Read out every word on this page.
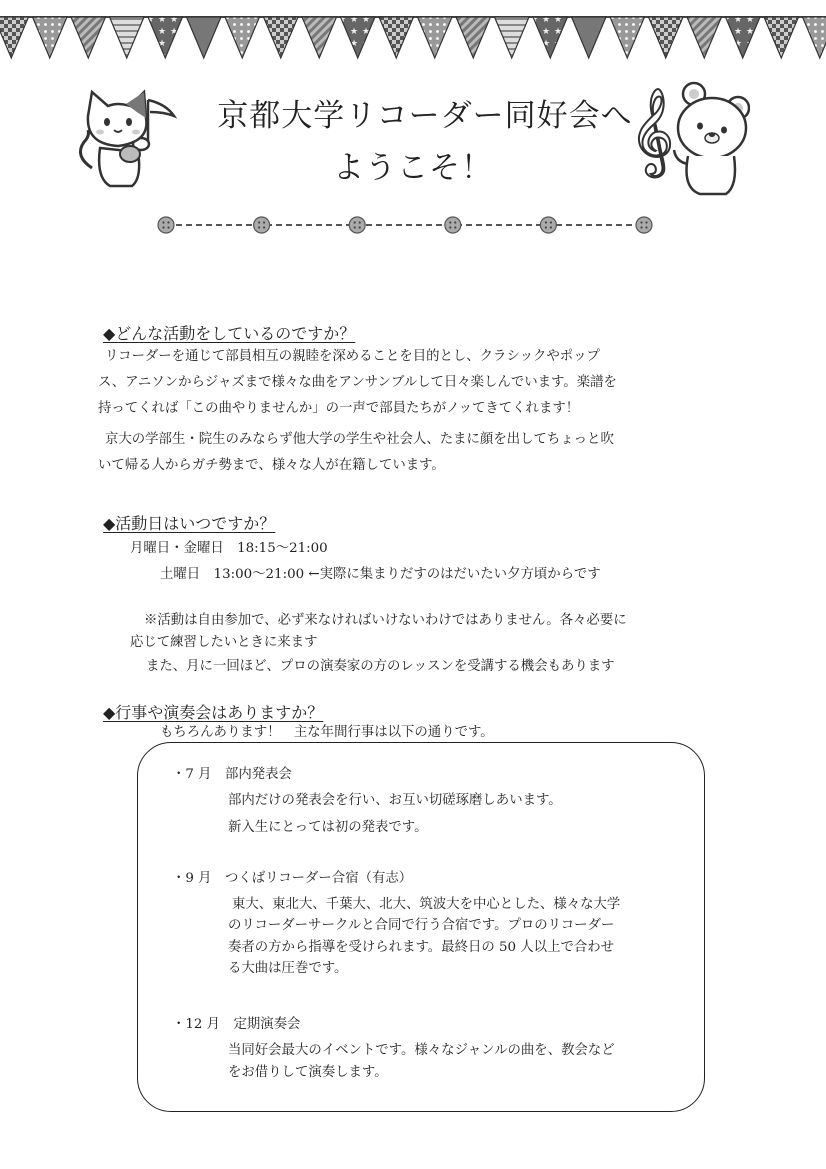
京都大学リコーダー同好会へ
ようこそ！	𝄞
◆どんな活動をしているのですか？
リコーダーを通じて部員相互の親睦を深めることを目的とし、クラシックやポップ
ス、アニソンからジャズまで様々な曲をアンサンブルして日々楽しんでいます。楽譜を
持ってくれば「この曲やりませんか」の一声で部員たちがノッてきてくれます！
京大の学部生・院生のみならず他大学の学生や社会人、たまに顔を出してちょっと吹
いて帰る人からガチ勢まで、様々な人が在籍しています。
◆活動日はいつですか？
月曜日・金曜日　18:15〜21:00
土曜日　13:00〜21:00 ←実際に集まりだすのはだいたい夕方頃からです
※活動は自由参加で、必ず来なければいけないわけではありません。各々必要に
応じて練習したいときに来ます
また、月に一回ほど、プロの演奏家の方のレッスンを受講する機会もあります
◆行事や演奏会はありますか？
もちろんあります！　主な年間行事は以下の通りです。
・7 月　部内発表会
部内だけの発表会を行い、お互い切磋琢磨しあいます。
新入生にとっては初の発表です。
・9 月　つくばリコーダー合宿（有志）
東大、東北大、千葉大、北大、筑波大を中心とした、様々な大学
のリコーダーサークルと合同で行う合宿です。プロのリコーダー
奏者の方から指導を受けられます。最終日の 50 人以上で合わせ
る大曲は圧巻です。
・12 月　定期演奏会
当同好会最大のイベントです。様々なジャンルの曲を、教会など
をお借りして演奏します。
